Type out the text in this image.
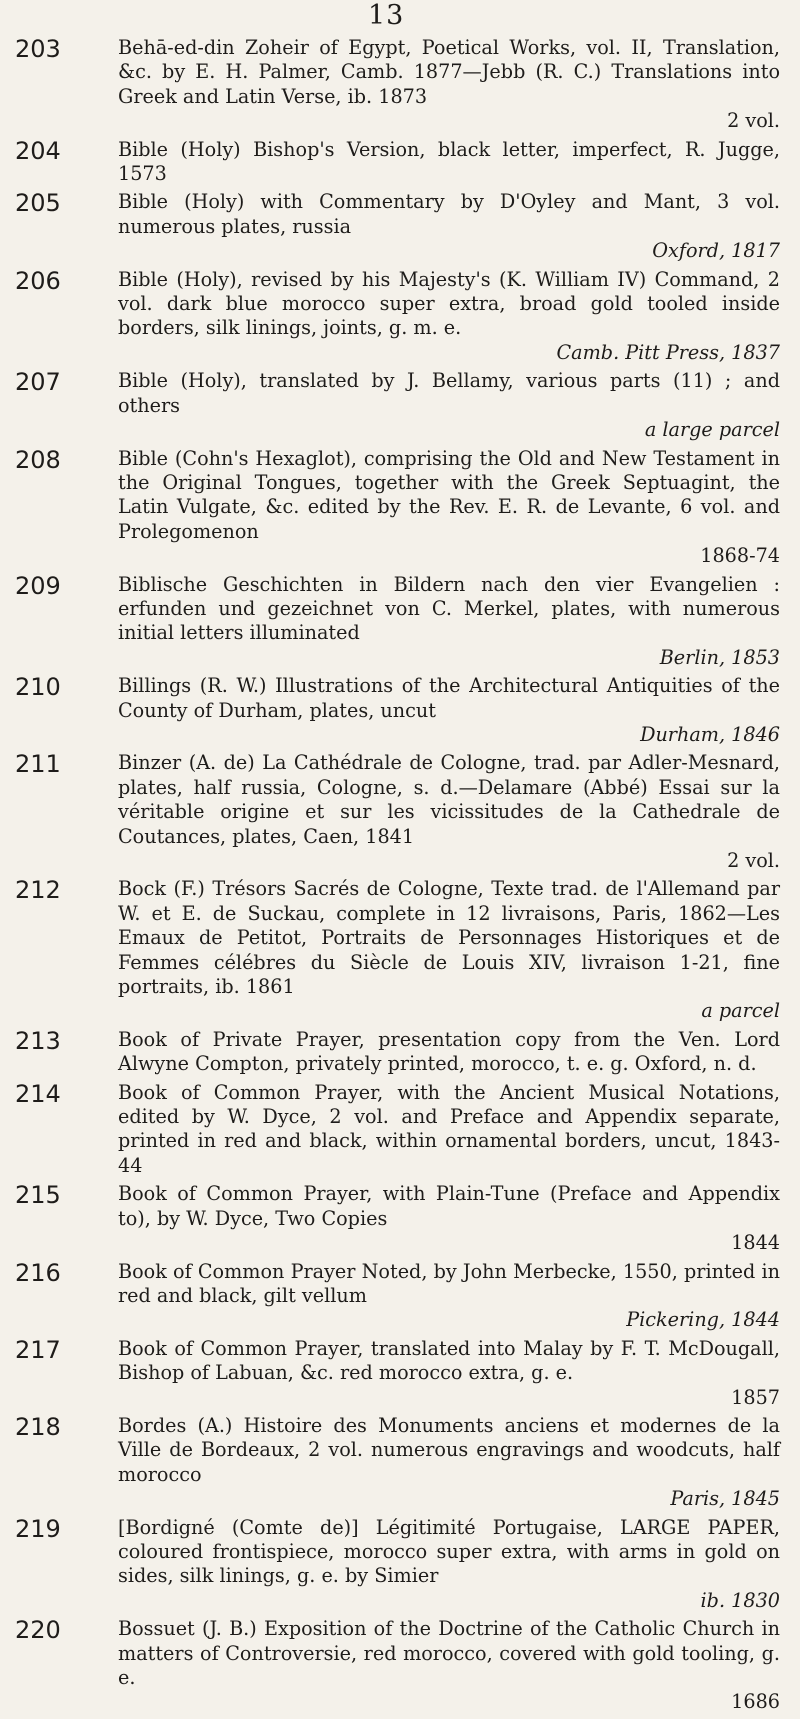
13
203	Behā-ed-din Zoheir of Egypt, Poetical Works, vol. II, Translation, &c. by E. H. Palmer, Camb. 1877—Jebb (R. C.) Translations into Greek and Latin Verse, ib. 1873
2 vol.
204	Bible (Holy) Bishop's Version, black letter, imperfect, R. Jugge, 1573
205	Bible (Holy) with Commentary by D'Oyley and Mant, 3 vol. numerous plates, russia
Oxford, 1817
206	Bible (Holy), revised by his Majesty's (K. William IV) Command, 2 vol. dark blue morocco super extra, broad gold tooled inside borders, silk linings, joints, g. m. e.
Camb. Pitt Press, 1837
207	Bible (Holy), translated by J. Bellamy, various parts (11) ; and others
a large parcel
208	Bible (Cohn's Hexaglot), comprising the Old and New Testament in the Original Tongues, together with the Greek Septuagint, the Latin Vulgate, &c. edited by the Rev. E. R. de Levante, 6 vol. and Prolegomenon
1868-74
209	Biblische Geschichten in Bildern nach den vier Evangelien : erfunden und gezeichnet von C. Merkel, plates, with numerous initial letters illuminated
Berlin, 1853
210	Billings (R. W.) Illustrations of the Architectural Antiquities of the County of Durham, plates, uncut
Durham, 1846
211	Binzer (A. de) La Cathédrale de Cologne, trad. par Adler-Mesnard, plates, half russia, Cologne, s. d.—Delamare (Abbé) Essai sur la véritable origine et sur les vicissitudes de la Cathedrale de Coutances, plates, Caen, 1841
2 vol.
212	Bock (F.) Trésors Sacrés de Cologne, Texte trad. de l'Allemand par W. et E. de Suckau, complete in 12 livraisons, Paris, 1862—Les Emaux de Petitot, Portraits de Personnages Historiques et de Femmes célébres du Siècle de Louis XIV, livraison 1-21, fine portraits, ib. 1861
a parcel
213	Book of Private Prayer, presentation copy from the Ven. Lord Alwyne Compton, privately printed, morocco, t. e. g. Oxford, n. d.
214	Book of Common Prayer, with the Ancient Musical Notations, edited by W. Dyce, 2 vol. and Preface and Appendix separate, printed in red and black, within ornamental borders, uncut, 1843-44
215	Book of Common Prayer, with Plain-Tune (Preface and Appendix to), by W. Dyce, Two Copies
1844
216	Book of Common Prayer Noted, by John Merbecke, 1550, printed in red and black, gilt vellum
Pickering, 1844
217	Book of Common Prayer, translated into Malay by F. T. McDougall, Bishop of Labuan, &c. red morocco extra, g. e.
1857
218	Bordes (A.) Histoire des Monuments anciens et modernes de la Ville de Bordeaux, 2 vol. numerous engravings and woodcuts, half morocco
Paris, 1845
219	[Bordigné (Comte de)] Légitimité Portugaise, LARGE PAPER, coloured frontispiece, morocco super extra, with arms in gold on sides, silk linings, g. e. by Simier
ib. 1830
220	Bossuet (J. B.) Exposition of the Doctrine of the Catholic Church in matters of Controversie, red morocco, covered with gold tooling, g. e.
1686
